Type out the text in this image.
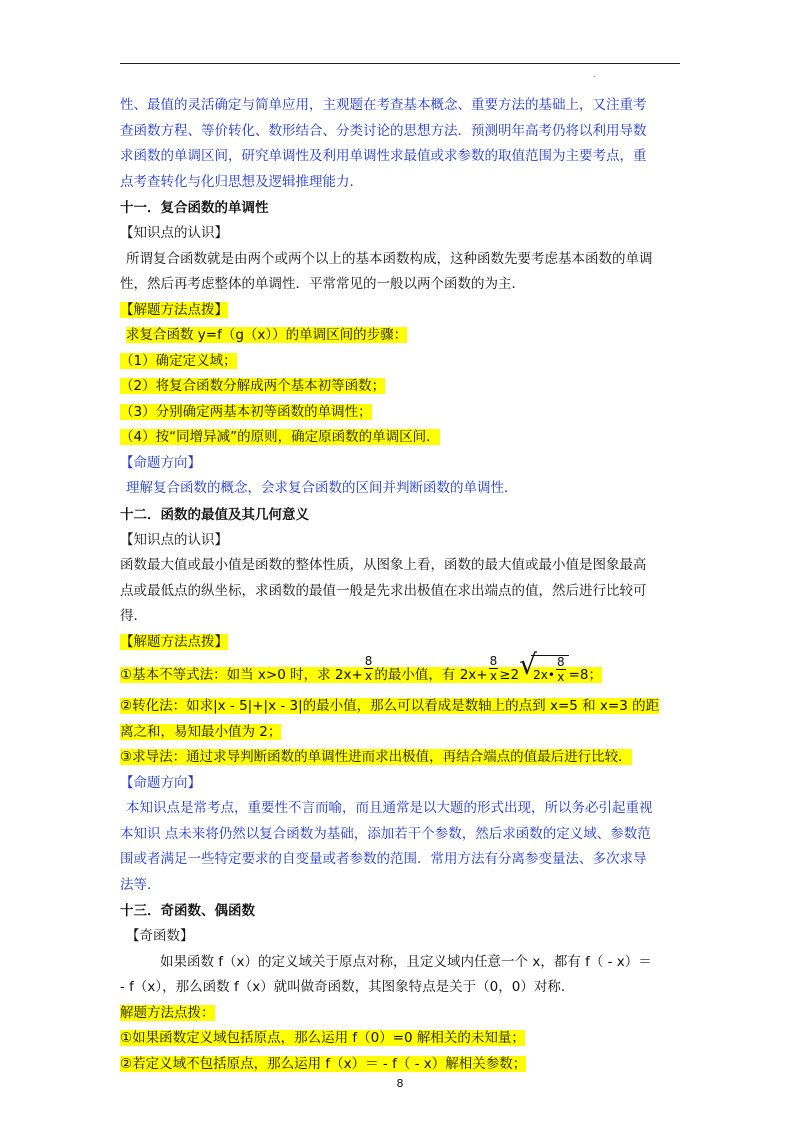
.
性、最值的灵活确定与简单应用，主观题在考查基本概念、重要方法的基础上，又注重考
查函数方程、等价转化、数形结合、分类讨论的思想方法．预测明年高考仍将以利用导数
求函数的单调区间，研究单调性及利用单调性求最值或求参数的取值范围为主要考点，重
点考查转化与化归思想及逻辑推理能力．
十一．复合函数的单调性
【知识点的认识】
所谓复合函数就是由两个或两个以上的基本函数构成，这种函数先要考虑基本函数的单调
性，然后再考虑整体的单调性．平常常见的一般以两个函数的为主．
【解题方法点拨】
求复合函数 y=f（g（x））的单调区间的步骤：
（1）确定定义域；
（2）将复合函数分解成两个基本初等函数；
（3）分别确定两基本初等函数的单调性；
（4）按“同增异减”的原则，确定原函数的单调区间．
【命题方向】
理解复合函数的概念，会求复合函数的区间并判断函数的单调性．
十二．函数的最值及其几何意义
【知识点的认识】
函数最大值或最小值是函数的整体性质，从图象上看，函数的最大值或最小值是图象最高
点或最低点的纵坐标，求函数的最值一般是先求出极值在求出端点的值，然后进行比较可
得．
【解题方法点拨】
①基本不等式法：如当 x>0 时，求 $2x+ \frac{8}{x}$ 的最小值，有 $2x+ \frac{8}{x} \ge 2√$ 2x• $\frac{8}{x} =8$；
②转化法：如求|x - 5|+|x - 3|的最小值，那么可以看成是数轴上的点到 x=5 和 x=3 的距
离之和，易知最小值为 2；
③求导法：通过求导判断函数的单调性进而求出极值，再结合端点的值最后进行比较．
【命题方向】
本知识点是常考点，重要性不言而喻，而且通常是以大题的形式出现，所以务必引起重视
本知识 点未来将仍然以复合函数为基础，添加若干个参数，然后求函数的定义域、参数范
围或者满足一些特定要求的自变量或者参数的范围．常用方法有分离参变量法、多次求导
法等．
十三．奇函数、偶函数
【奇函数】
如果函数 f（x）的定义域关于原点对称，且定义域内任意一个 x，都有 f（ - x）＝
- f（x），那么函数 f（x）就叫做奇函数，其图象特点是关于（0，0）对称．
解题方法点拨：
①如果函数定义域包括原点，那么运用 f（0）=0 解相关的未知量；
②若定义域不包括原点，那么运用 f（x）＝ - f（ - x）解相关参数；
8
